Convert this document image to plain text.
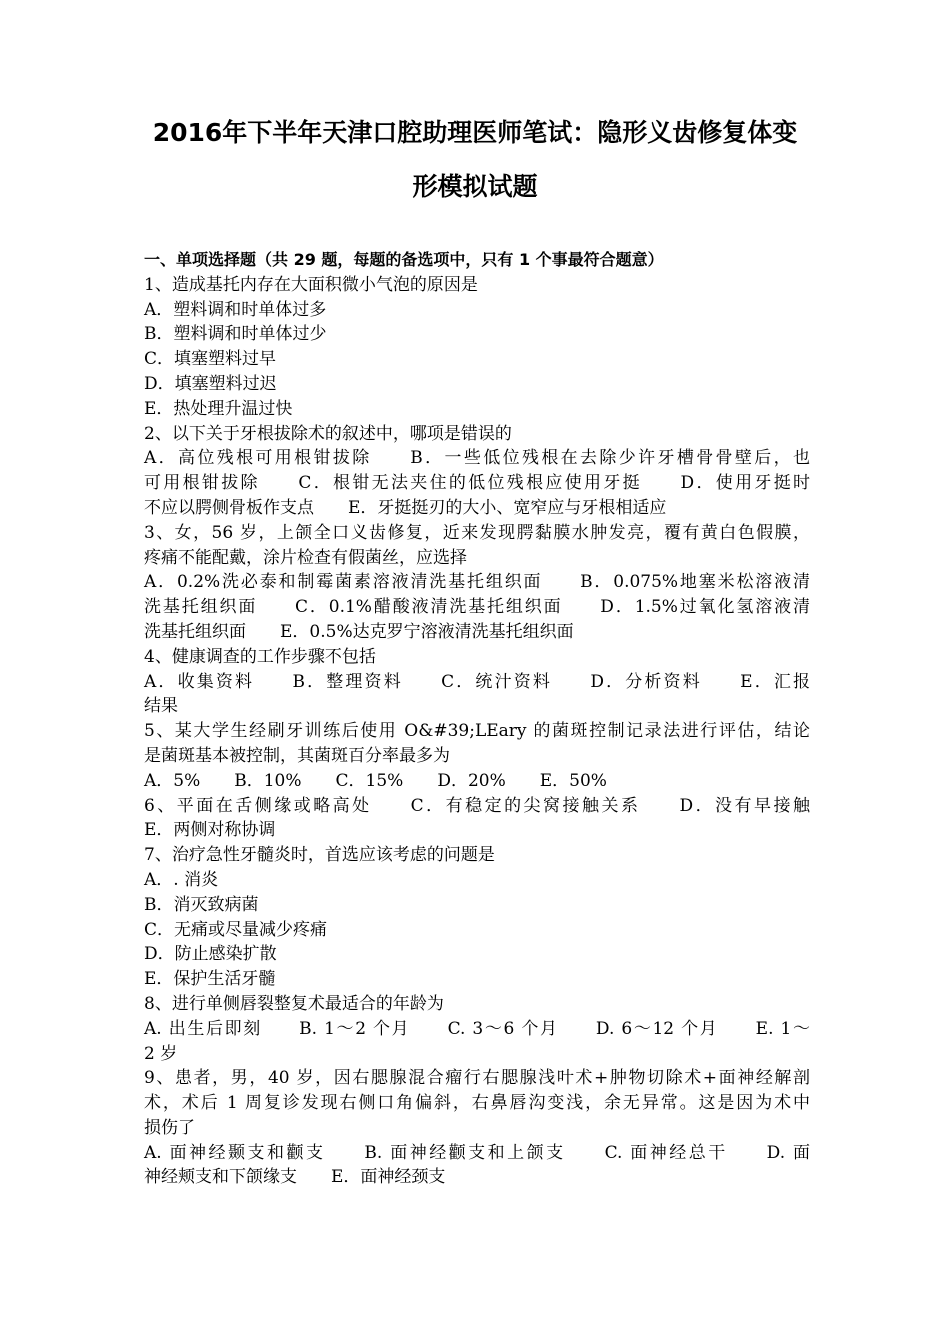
2016年下半年天津口腔助理医师笔试：隐形义齿修复体变
形模拟试题
一、单项选择题（共 29 题，每题的备选项中，只有 1 个事最符合题意）
1、造成基托内存在大面积微小气泡的原因是
A．塑料调和时单体过多
B．塑料调和时单体过少
C．填塞塑料过早
D．填塞塑料过迟
E．热处理升温过快
2、以下关于牙根拔除术的叙述中，哪项是错误的
A．高位残根可用根钳拔除　　B．一些低位残根在去除少许牙槽骨骨壁后，也
可用根钳拔除　　C．根钳无法夹住的低位残根应使用牙挺　　D．使用牙挺时
不应以腭侧骨板作支点　　E．牙挺挺刃的大小、宽窄应与牙根相适应
3、女，56 岁，上颌全口义齿修复，近来发现腭黏膜水肿发亮，覆有黄白色假膜，
疼痛不能配戴，涂片检查有假菌丝，应选择
A．0.2%洗必泰和制霉菌素溶液清洗基托组织面　　B．0.075%地塞米松溶液清
洗基托组织面　　C．0.1%醋酸液清洗基托组织面　　D．1.5%过氧化氢溶液清
洗基托组织面　　E．0.5%达克罗宁溶液清洗基托组织面
4、健康调查的工作步骤不包括
A．收集资料　　B．整理资料　　C．统汁资料　　D．分析资料　　E．汇报
结果
5、某大学生经刷牙训练后使用 O&#39;LEary 的菌斑控制记录法进行评估，结论
是菌斑基本被控制，其菌斑百分率最多为
A．5%　　B．10%　　C．15%　　D．20%　　E．50%
6、平面在舌侧缘或略高处　　C．有稳定的尖窝接触关系　　D．没有早接触
E．两侧对称协调
7、治疗急性牙髓炎时，首选应该考虑的问题是
A．. 消炎
B．消灭致病菌
C．无痛或尽量减少疼痛
D．防止感染扩散
E．保护生活牙髓
8、进行单侧唇裂整复术最适合的年龄为
A. 出生后即刻　　B. 1～2 个月　　C. 3～6 个月　　D. 6～12 个月　　E. 1～
2 岁
9、患者，男，40 岁，因右腮腺混合瘤行右腮腺浅叶术+肿物切除术+面神经解剖
术，术后 1 周复诊发现右侧口角偏斜，右鼻唇沟变浅，余无异常。这是因为术中
损伤了
A. 面神经颞支和颧支　　B. 面神经颧支和上颌支　　C. 面神经总干　　D. 面
神经颊支和下颌缘支　　E．面神经颈支
